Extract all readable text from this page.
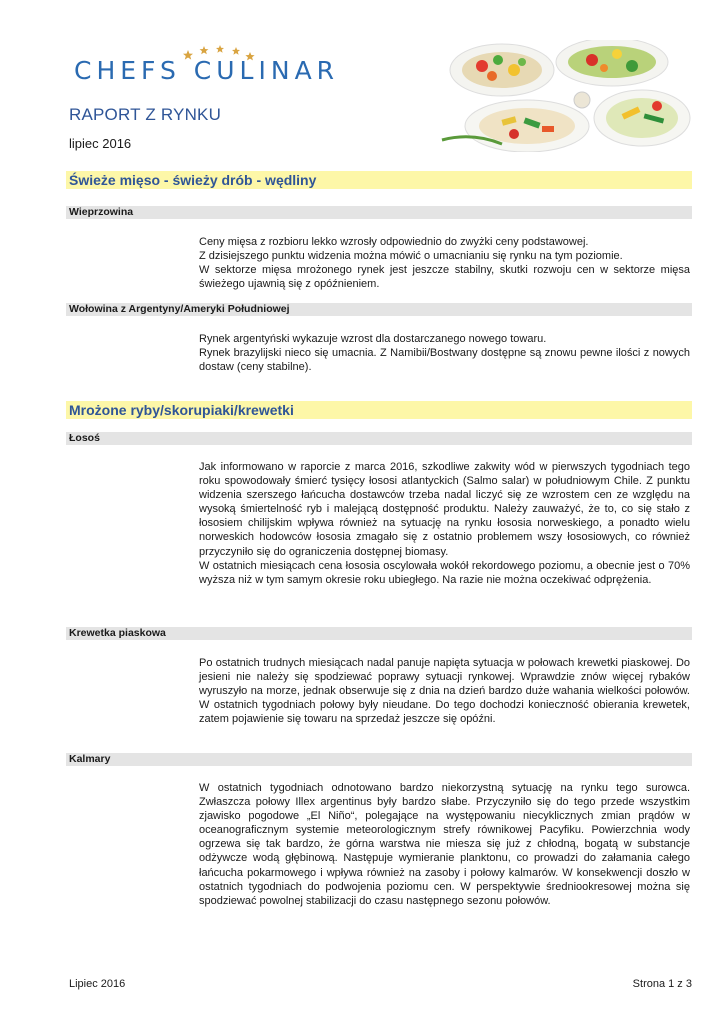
CHEFS CULINAR
RAPORT Z RYNKU
lipiec 2016
Świeże mięso - świeży drób - wędliny
Wieprzowina
Ceny mięsa z rozbioru lekko wzrosły odpowiednio do zwyżki ceny podstawowej.
Z dzisiejszego punktu widzenia można mówić o umacnianiu się rynku na tym poziomie.
W sektorze mięsa mrożonego rynek jest jeszcze stabilny, skutki rozwoju cen w sektorze mięsa świeżego ujawnią się z opóźnieniem.
Wołowina z Argentyny/Ameryki Południowej
Rynek argentyński wykazuje wzrost dla dostarczanego nowego towaru.
Rynek brazylijski nieco się umacnia. Z Namibii/Bostwany dostępne są znowu pewne ilości z nowych dostaw (ceny stabilne).
Mrożone ryby/skorupiaki/krewetki
Łosoś
Jak informowano w raporcie z marca 2016, szkodliwe zakwity wód w pierwszych tygodniach tego roku spowodowały śmierć tysięcy łososi atlantyckich (Salmo salar) w południowym Chile. Z punktu widzenia szerszego łańcucha dostawców trzeba nadal liczyć się ze wzrostem cen ze względu na wysoką śmiertelność ryb i malejącą dostępność produktu. Należy zauważyć, że to, co się stało z łososiem chilijskim wpływa również na sytuację na rynku łososia norweskiego, a ponadto wielu norweskich hodowców łososia zmagało się z ostatnio problemem wszy łososiowych, co również przyczyniło się do ograniczenia dostępnej biomasy.
W ostatnich miesiącach cena łososia oscylowała wokół rekordowego poziomu, a obecnie jest o 70% wyższa niż w tym samym okresie roku ubiegłego. Na razie nie można oczekiwać odprężenia.
Krewetka piaskowa
Po ostatnich trudnych miesiącach nadal panuje napięta sytuacja w połowach krewetki piaskowej. Do jesieni nie należy się spodziewać poprawy sytuacji rynkowej. Wprawdzie znów więcej rybaków wyruszyło na morze, jednak obserwuje się z dnia na dzień bardzo duże wahania wielkości połowów. W ostatnich tygodniach połowy były nieudane. Do tego dochodzi konieczność obierania krewetek, zatem pojawienie się towaru na sprzedaż jeszcze się opóźni.
Kalmary
W ostatnich tygodniach odnotowano bardzo niekorzystną sytuację na rynku tego surowca. Zwłaszcza połowy Illex argentinus były bardzo słabe. Przyczyniło się do tego przede wszystkim zjawisko pogodowe „El Niño“, polegające na występowaniu niecyklicznych zmian prądów w oceanograficznym systemie meteorologicznym strefy równikowej Pacyfiku. Powierzchnia wody ogrzewa się tak bardzo, że górna warstwa nie miesza się już z chłodną, bogatą w substancje odżywcze wodą głębinową. Następuje wymieranie planktonu, co prowadzi do załamania całego łańcucha pokarmowego i wpływa również na zasoby i połowy kalmarów. W konsekwencji doszło w ostatnich tygodniach do podwojenia poziomu cen. W perspektywie średniookresowej można się spodziewać powolnej stabilizacji do czasu następnego sezonu połowów.
Lipiec 2016	Strona 1 z 3
